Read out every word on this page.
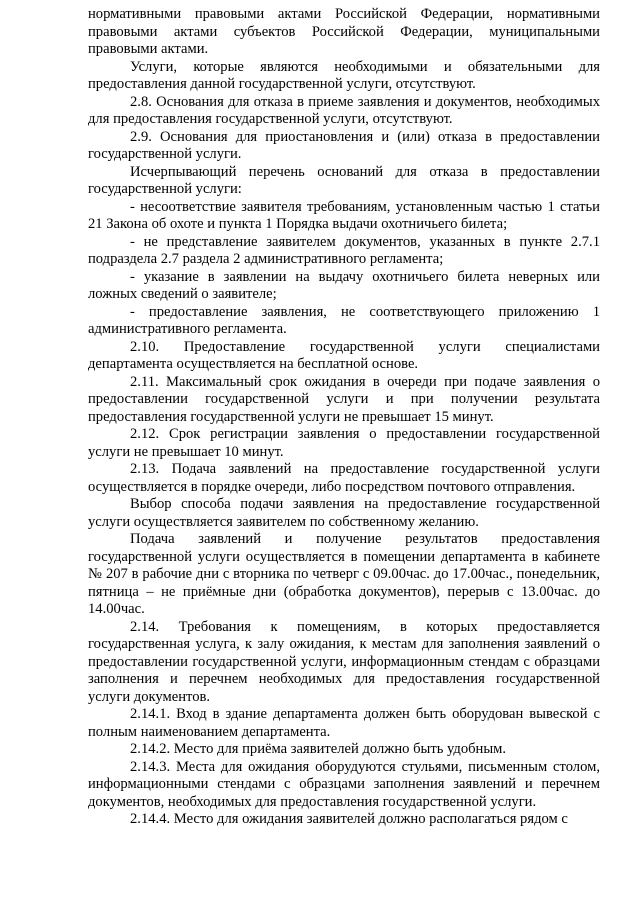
нормативными правовыми актами Российской Федерации, нормативными правовыми актами субъектов Российской Федерации, муниципальными правовыми актами.

Услуги, которые являются необходимыми и обязательными для предоставления данной государственной услуги, отсутствуют.

2.8. Основания для отказа в приеме заявления и документов, необходимых для предоставления государственной услуги, отсутствуют.

2.9. Основания для приостановления и (или) отказа в предоставлении государственной услуги.

Исчерпывающий перечень оснований для отказа в предоставлении государственной услуги:

- несоответствие заявителя требованиям, установленным частью 1 статьи 21 Закона об охоте и пункта 1 Порядка выдачи охотничьего билета;

- не представление заявителем документов, указанных в пункте 2.7.1 подраздела 2.7 раздела 2 административного регламента;

- указание в заявлении на выдачу охотничьего билета неверных или ложных сведений о заявителе;

- предоставление заявления, не соответствующего приложению 1 административного регламента.

2.10. Предоставление государственной услуги специалистами департамента осуществляется на бесплатной основе.

2.11. Максимальный срок ожидания в очереди при подаче заявления о предоставлении государственной услуги и при получении результата предоставления государственной услуги не превышает 15 минут.

2.12. Срок регистрации заявления о предоставлении государственной услуги не превышает 10 минут.

2.13. Подача заявлений на предоставление государственной услуги осуществляется в порядке очереди, либо посредством почтового отправления.

Выбор способа подачи заявления на предоставление государственной услуги осуществляется заявителем по собственному желанию.

Подача заявлений и получение результатов предоставления государственной услуги осуществляется в помещении департамента в кабинете № 207 в рабочие дни с вторника по четверг с 09.00час. до 17.00час., понедельник, пятница – не приёмные дни (обработка документов), перерыв с 13.00час. до 14.00час.

2.14. Требования к помещениям, в которых предоставляется государственная услуга, к залу ожидания, к местам для заполнения заявлений о предоставлении государственной услуги, информационным стендам с образцами заполнения и перечнем необходимых для предоставления государственной услуги документов.

2.14.1. Вход в здание департамента должен быть оборудован вывеской с полным наименованием департамента.

2.14.2. Место для приёма заявителей должно быть удобным.

2.14.3. Места для ожидания оборудуются стульями, письменным столом, информационными стендами с образцами заполнения заявлений и перечнем документов, необходимых для предоставления государственной услуги.

2.14.4. Место для ожидания заявителей должно располагаться рядом с
